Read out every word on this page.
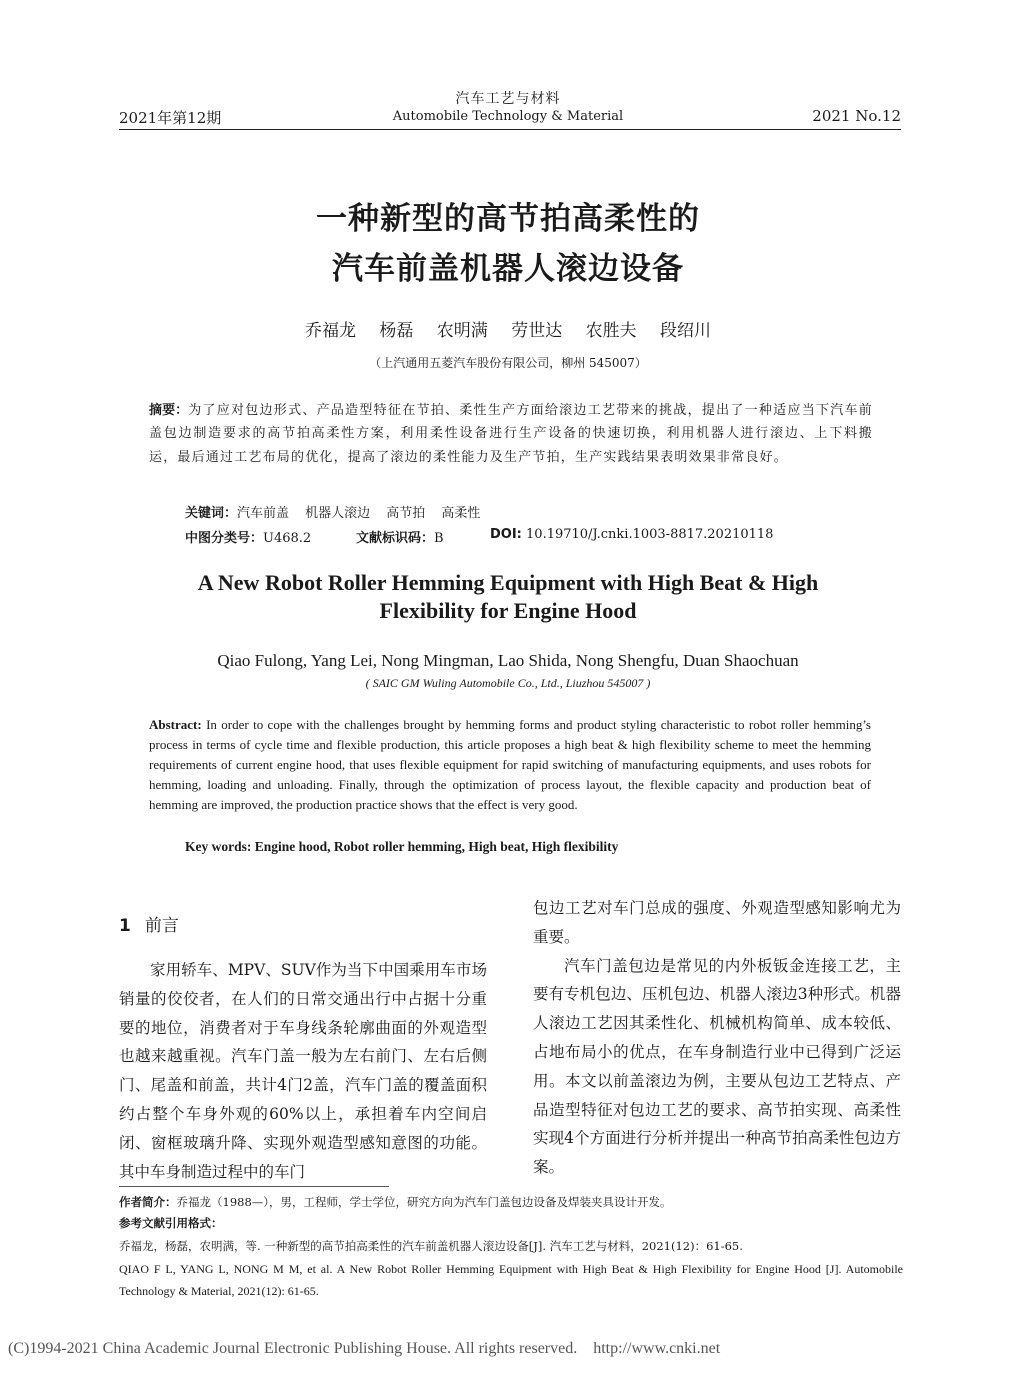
2021年第12期
汽车工艺与材料
Automobile Technology & Material	2021 No.12
一种新型的高节拍高柔性的
汽车前盖机器人滚边设备
乔福龙 杨磊 农明满 劳世达 农胜夫 段绍川
（上汽通用五菱汽车股份有限公司，柳州 545007）
摘要：为了应对包边形式、产品造型特征在节拍、柔性生产方面给滚边工艺带来的挑战，提出了一种适应当下汽车前盖包边制造要求的高节拍高柔性方案，利用柔性设备进行生产设备的快速切换，利用机器人进行滚边、上下料搬运，最后通过工艺布局的优化，提高了滚边的柔性能力及生产节拍，生产实践结果表明效果非常良好。
关键词：汽车前盖 机器人滚边 高节拍 高柔性
中图分类号：U468.2	文献标识码：B	DOI: 10.19710/J.cnki.1003-8817.20210118
A New Robot Roller Hemming Equipment with High Beat & High
Flexibility for Engine Hood
Qiao Fulong, Yang Lei, Nong Mingman, Lao Shida, Nong Shengfu, Duan Shaochuan
( SAIC GM Wuling Automobile Co., Ltd., Liuzhou 545007 )
Abstract: In order to cope with the challenges brought by hemming forms and product styling characteristic to robot roller hemming’s process in terms of cycle time and flexible production, this article proposes a high beat & high flexibility scheme to meet the hemming requirements of current engine hood, that uses flexible equipment for rapid switching of manufacturing equipments, and uses robots for hemming, loading and unloading. Finally, through the optimization of process layout, the flexible capacity and production beat of hemming are improved, the production practice shows that the effect is very good.
Key words: Engine hood, Robot roller hemming, High beat, High flexibility
1 前言

家用轿车、MPV、SUV作为当下中国乘用车市场销量的佼佼者，在人们的日常交通出行中占据十分重要的地位，消费者对于车身线条轮廓曲面的外观造型也越来越重视。汽车门盖一般为左右前门、左右后侧门、尾盖和前盖，共计4门2盖，汽车门盖的覆盖面积约占整个车身外观的60%以上，承担着车内空间启闭、窗框玻璃升降、实现外观造型感知意图的功能。其中车身制造过程中的车门

包边工艺对车门总成的强度、外观造型感知影响尤为重要。

汽车门盖包边是常见的内外板钣金连接工艺，主要有专机包边、压机包边、机器人滚边3种形式。机器人滚边工艺因其柔性化、机械机构简单、成本较低、占地布局小的优点，在车身制造行业中已得到广泛运用。本文以前盖滚边为例，主要从包边工艺特点、产品造型特征对包边工艺的要求、高节拍实现、高柔性实现4个方面进行分析并提出一种高节拍高柔性包边方案。

作者简介：乔福龙（1988—），男，工程师，学士学位，研究方向为汽车门盖包边设备及焊装夹具设计开发。
参考文献引用格式：
乔福龙，杨磊，农明满，等. 一种新型的高节拍高柔性的汽车前盖机器人滚边设备[J]. 汽车工艺与材料，2021(12)：61-65.
QIAO F L, YANG L, NONG M M, et al. A New Robot Roller Hemming Equipment with High Beat & High Flexibility for Engine Hood [J]. Automobile Technology & Material, 2021(12): 61-65.
(C)1994-2021 China Academic Journal Electronic Publishing House. All rights reserved.    http://www.cnki.net
